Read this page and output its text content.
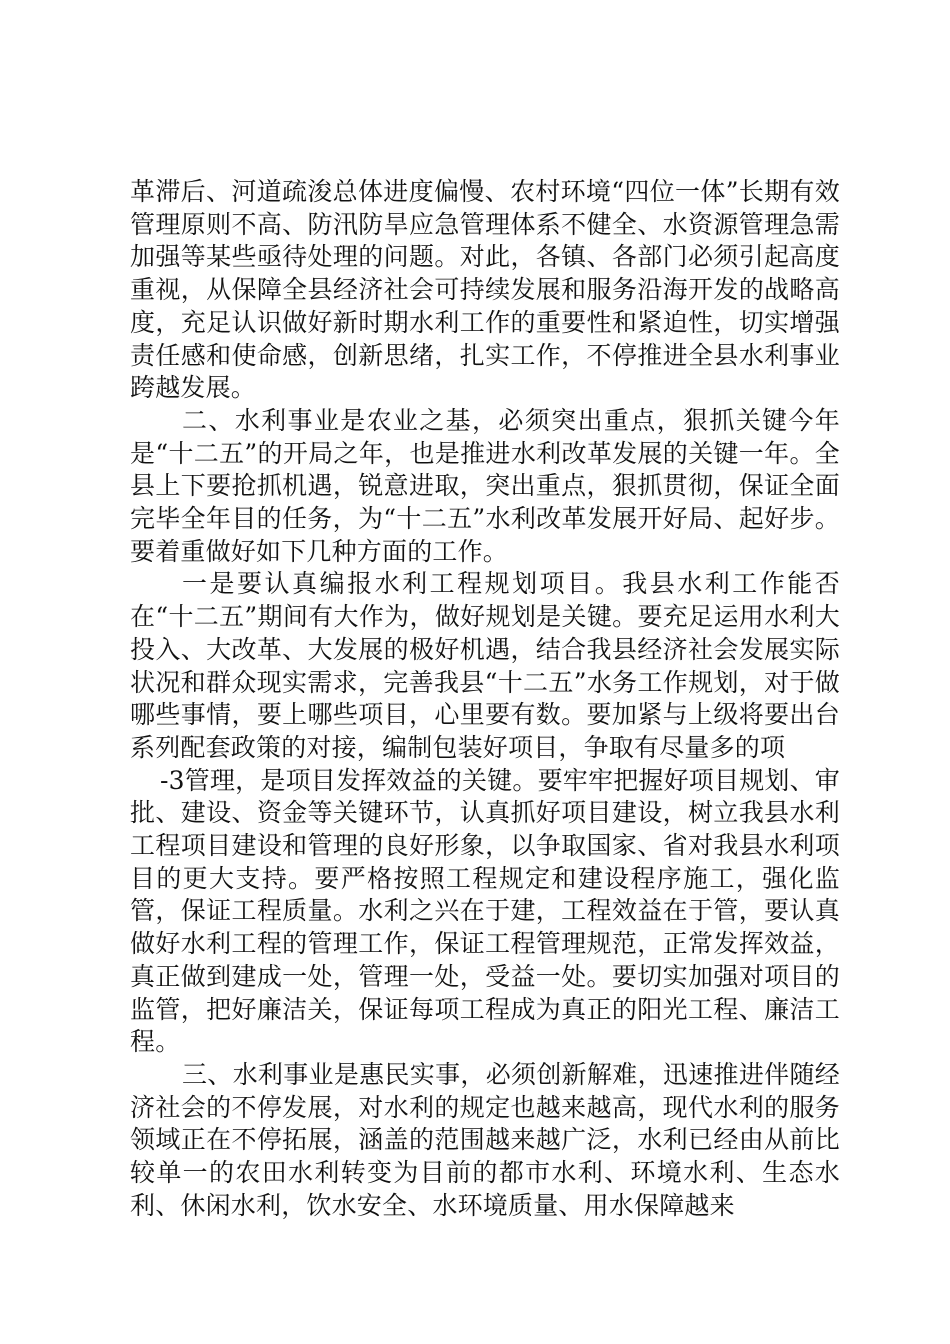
革滞后、河道疏浚总体进度偏慢、农村环境“四位一体”长期有效管理原则不高、防汛防旱应急管理体系不健全、水资源管理急需加强等某些亟待处理的问题。对此，各镇、各部门必须引起高度重视，从保障全县经济社会可持续发展和服务沿海开发的战略高度，充足认识做好新时期水利工作的重要性和紧迫性，切实增强责任感和使命感，创新思绪，扎实工作，不停推进全县水利事业跨越发展。

二、水利事业是农业之基，必须突出重点，狠抓关键今年是“十二五”的开局之年，也是推进水利改革发展的关键一年。全县上下要抢抓机遇，锐意进取，突出重点，狠抓贯彻，保证全面完毕全年目的任务，为“十二五”水利改革发展开好局、起好步。要着重做好如下几种方面的工作。

一是要认真编报水利工程规划项目。我县水利工作能否在“十二五”期间有大作为，做好规划是关键。要充足运用水利大投入、大改革、大发展的极好机遇，结合我县经济社会发展实际状况和群众现实需求，完善我县“十二五”水务工作规划，对于做哪些事情，要上哪些项目，心里要有数。要加紧与上级将要出台系列配套政策的对接，编制包装好项目，争取有尽量多的项

-3管理，是项目发挥效益的关键。要牢牢把握好项目规划、审批、建设、资金等关键环节，认真抓好项目建设，树立我县水利工程项目建设和管理的良好形象，以争取国家、省对我县水利项目的更大支持。要严格按照工程规定和建设程序施工，强化监管，保证工程质量。水利之兴在于建，工程效益在于管，要认真做好水利工程的管理工作，保证工程管理规范，正常发挥效益，真正做到建成一处，管理一处，受益一处。要切实加强对项目的监管，把好廉洁关，保证每项工程成为真正的阳光工程、廉洁工程。

三、水利事业是惠民实事，必须创新解难，迅速推进伴随经济社会的不停发展，对水利的规定也越来越高，现代水利的服务领域正在不停拓展，涵盖的范围越来越广泛，水利已经由从前比较单一的农田水利转变为目前的都市水利、环境水利、生态水利、休闲水利，饮水安全、水环境质量、用水保障越来
